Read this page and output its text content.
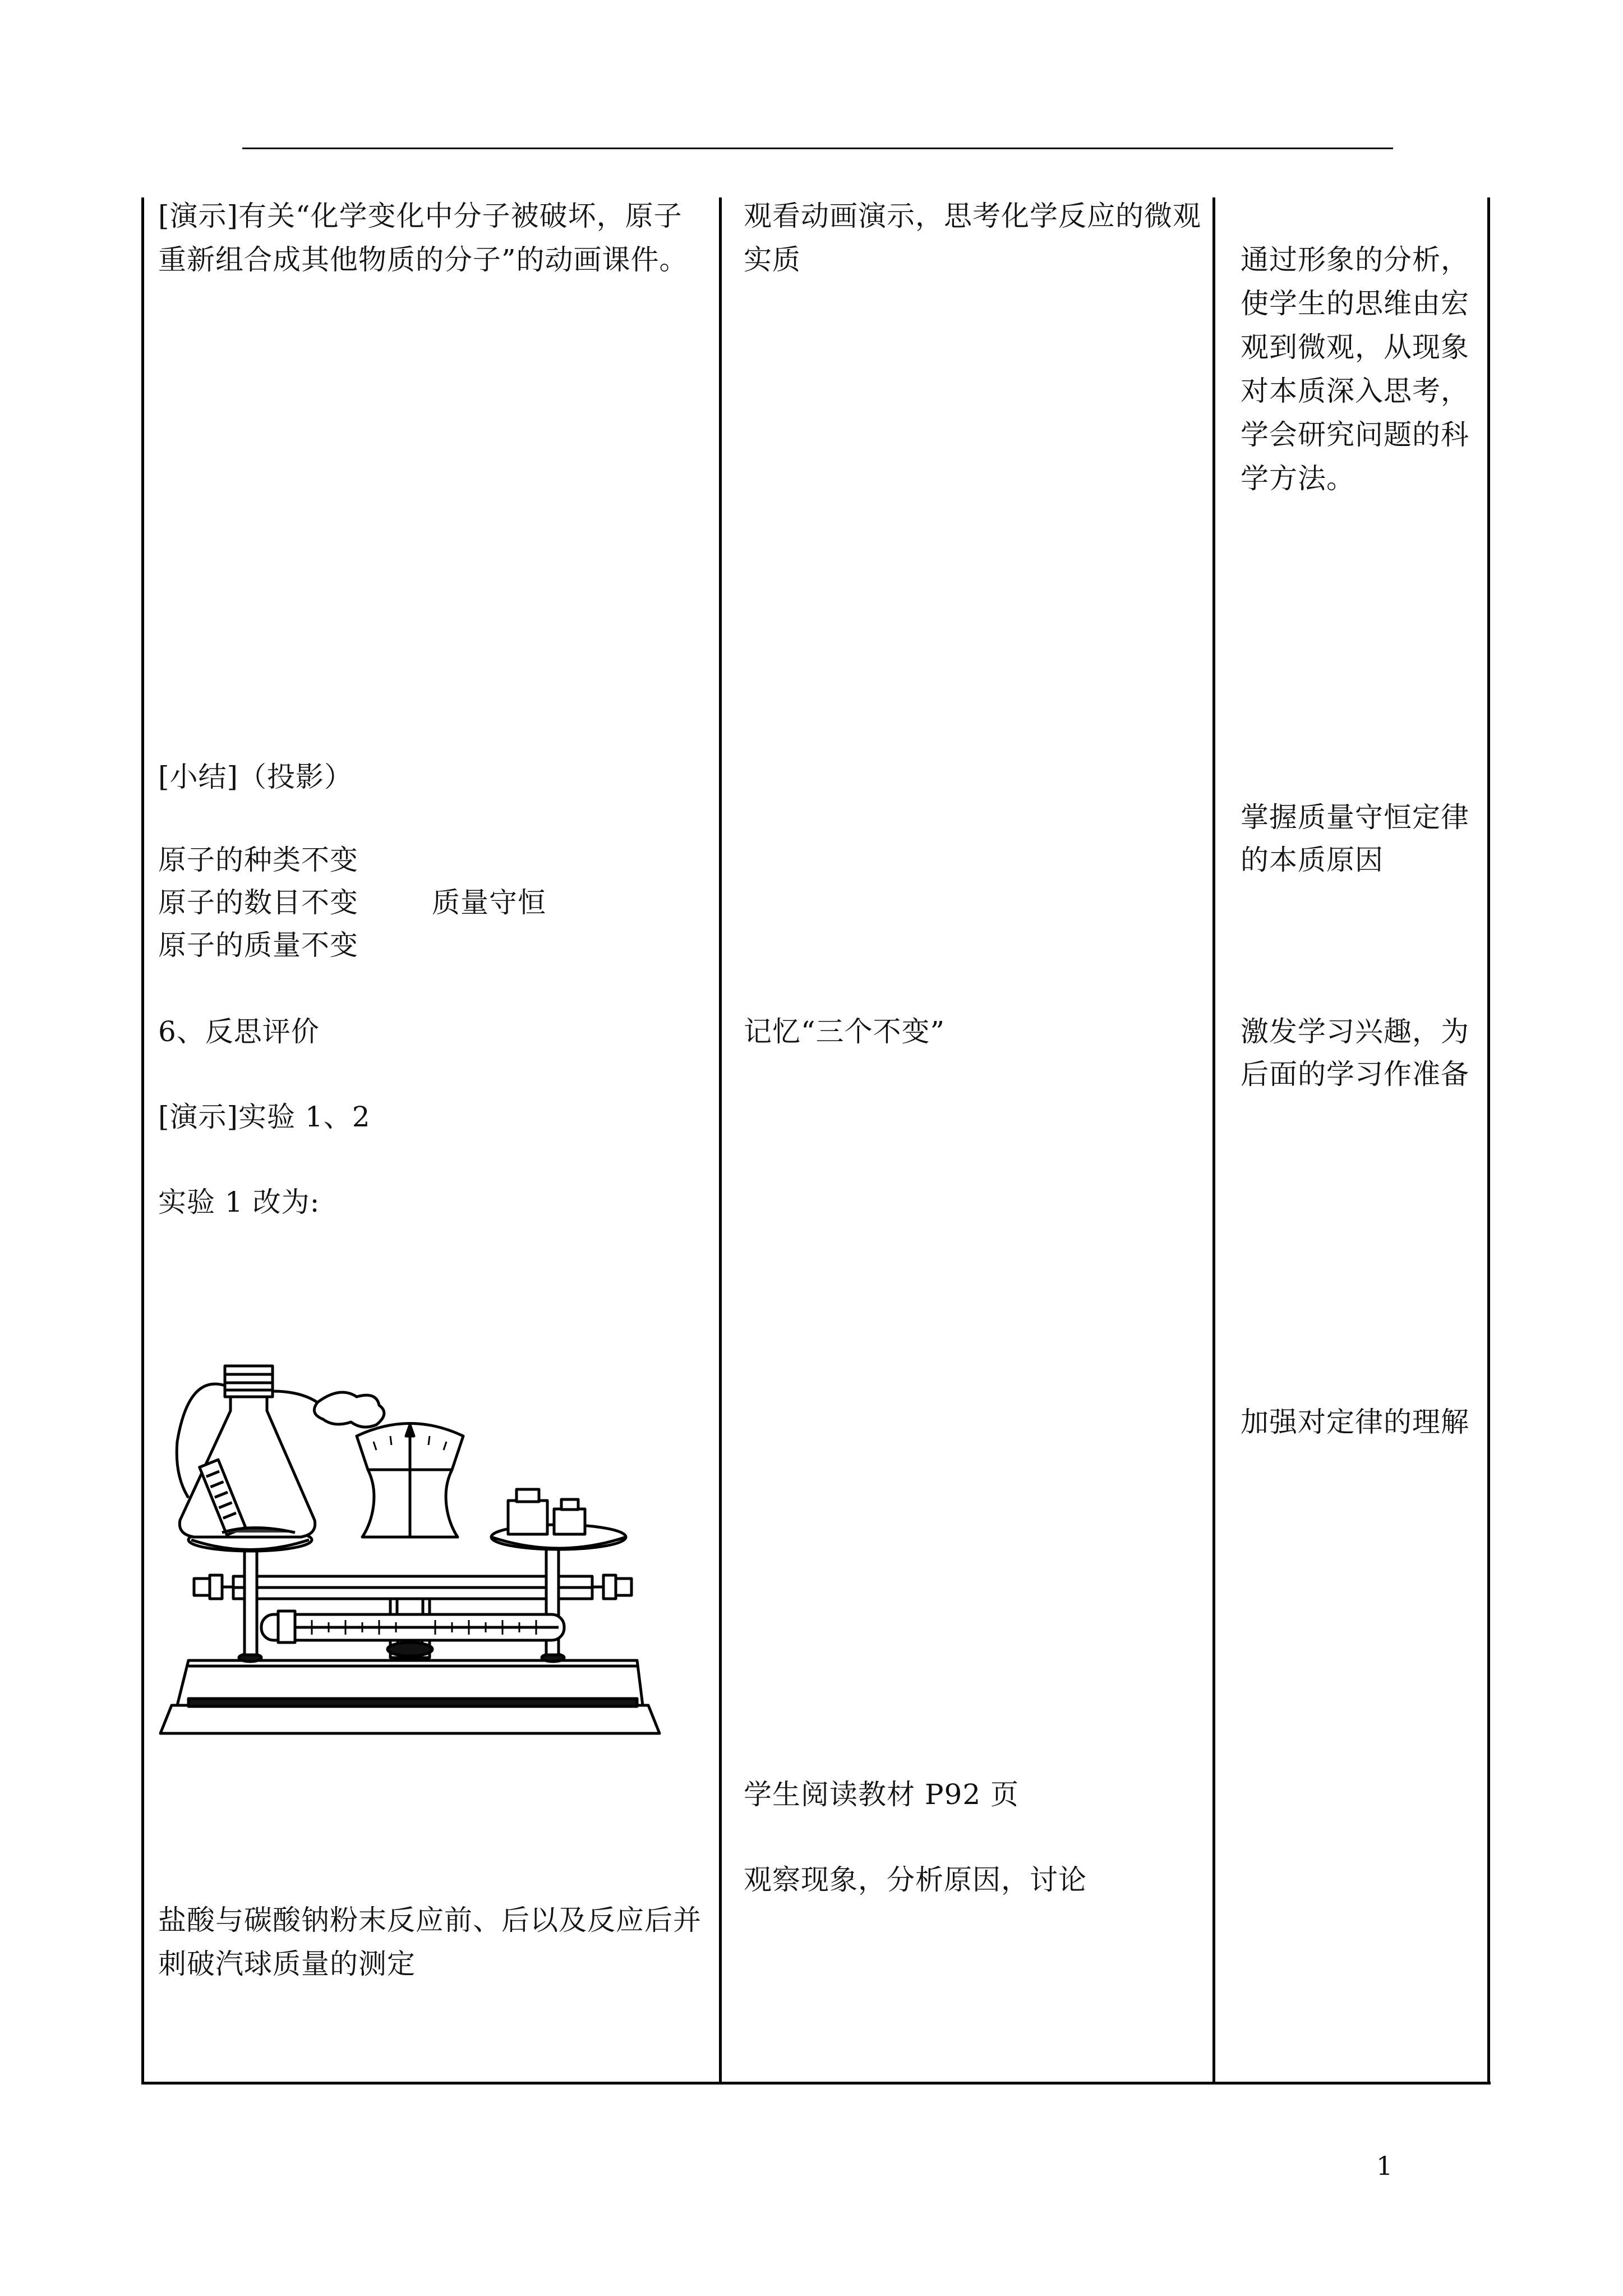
[演示]有关“化学变化中分子被破坏，原子
重新组合成其他物质的分子”的动画课件。
[小结]（投影）
原子的种类不变
原子的数目不变	质量守恒
原子的质量不变
6、反思评价
[演示]实验 1、2
实验 1 改为:
盐酸与碳酸钠粉末反应前、后以及反应后并
刺破汽球质量的测定
观看动画演示，思考化学反应的微观
实质
记忆“三个不变”
学生阅读教材 P92 页
观察现象，分析原因，讨论
通过形象的分析，
使学生的思维由宏
观到微观，从现象
对本质深入思考，
学会研究问题的科
学方法。
掌握质量守恒定律
的本质原因
激发学习兴趣，为
后面的学习作准备
加强对定律的理解
1
